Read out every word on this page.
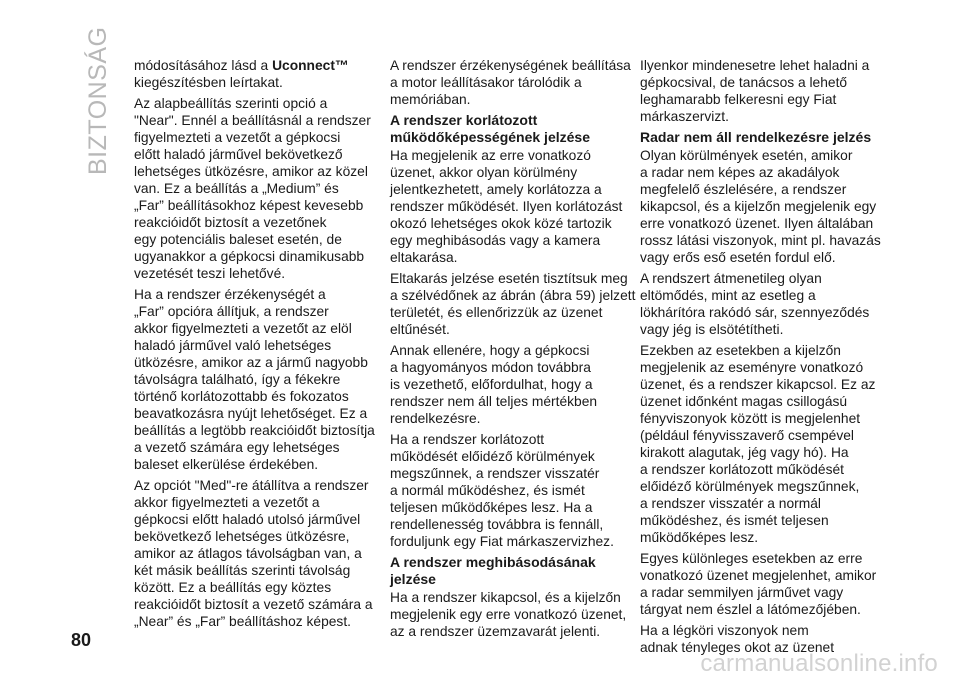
BIZTONSÁG módosításához lásd a Uconnect™
kiegészítésben leírtakat.
Az alapbeállítás szerinti opció a
"Near". Ennél a beállításnál a rendszer
figyelmezteti a vezetőt a gépkocsi
előtt haladó járművel bekövetkező
lehetséges ütközésre, amikor az közel
van. Ez a beállítás a „Medium” és
„Far” beállításokhoz képest kevesebb
reakcióidőt biztosít a vezetőnek
egy potenciális baleset esetén, de
ugyanakkor a gépkocsi dinamikusabb
vezetését teszi lehetővé.
Ha a rendszer érzékenységét a
„Far” opcióra állítjuk, a rendszer
akkor figyelmezteti a vezetőt az elöl
haladó járművel való lehetséges
ütközésre, amikor az a jármű nagyobb
távolságra található, így a fékekre
történő korlátozottabb és fokozatos
beavatkozásra nyújt lehetőséget. Ez a
beállítás a legtöbb reakcióidőt biztosítja
a vezető számára egy lehetséges
baleset elkerülése érdekében.
Az opciót "Med"-re átállítva a rendszer
akkor figyelmezteti a vezetőt a
gépkocsi előtt haladó utolsó járművel
bekövetkező lehetséges ütközésre,
amikor az átlagos távolságban van, a
két másik beállítás szerinti távolság
között. Ez a beállítás egy köztes
reakcióidőt biztosít a vezető számára a
„Near” és „Far” beállításhoz képest.
A rendszer érzékenységének beállítása
a motor leállításakor tárolódik a
memóriában.
A rendszer korlátozott
működőképességének jelzése
Ha megjelenik az erre vonatkozó
üzenet, akkor olyan körülmény
jelentkezhetett, amely korlátozza a
rendszer működését. Ilyen korlátozást
okozó lehetséges okok közé tartozik
egy meghibásodás vagy a kamera
eltakarása.
Eltakarás jelzése esetén tisztítsuk meg
a szélvédőnek az ábrán (ábra 59) jelzett
területét, és ellenőrizzük az üzenet
eltűnését.
Annak ellenére, hogy a gépkocsi
a hagyományos módon továbbra
is vezethető, előfordulhat, hogy a
rendszer nem áll teljes mértékben
rendelkezésre.
Ha a rendszer korlátozott
működését előidéző körülmények
megszűnnek, a rendszer visszatér
a normál működéshez, és ismét
teljesen működőképes lesz. Ha a
rendellenesség továbbra is fennáll,
forduljunk egy Fiat márkaszervizhez.
A rendszer meghibásodásának
jelzése
Ha a rendszer kikapcsol, és a kijelzőn
megjelenik egy erre vonatkozó üzenet,
az a rendszer üzemzavarát jelenti.
Ilyenkor mindenesetre lehet haladni a
gépkocsival, de tanácsos a lehető
leghamarabb felkeresni egy Fiat
márkaszervizt.
Radar nem áll rendelkezésre jelzés
Olyan körülmények esetén, amikor
a radar nem képes az akadályok
megfelelő észlelésére, a rendszer
kikapcsol, és a kijelzőn megjelenik egy
erre vonatkozó üzenet. Ilyen általában
rossz látási viszonyok, mint pl. havazás
vagy erős eső esetén fordul elő.
A rendszert átmenetileg olyan
eltömődés, mint az esetleg a
lökhárítóra rakódó sár, szennyeződés
vagy jég is elsötétítheti.
Ezekben az esetekben a kijelzőn
megjelenik az eseményre vonatkozó
üzenet, és a rendszer kikapcsol. Ez az
üzenet időnként magas csillogású
fényviszonyok között is megjelenhet
(például fényvisszaverő csempével
kirakott alagutak, jég vagy hó). Ha
a rendszer korlátozott működését
előidéző körülmények megszűnnek,
a rendszer visszatér a normál
működéshez, és ismét teljesen
működőképes lesz.
Egyes különleges esetekben az erre
vonatkozó üzenet megjelenhet, amikor
a radar semmilyen járművet vagy
tárgyat nem észlel a látómezőjében.
Ha a légköri viszonyok nem
adnak tényleges okot az üzenet
80
carmanualsonline.info
